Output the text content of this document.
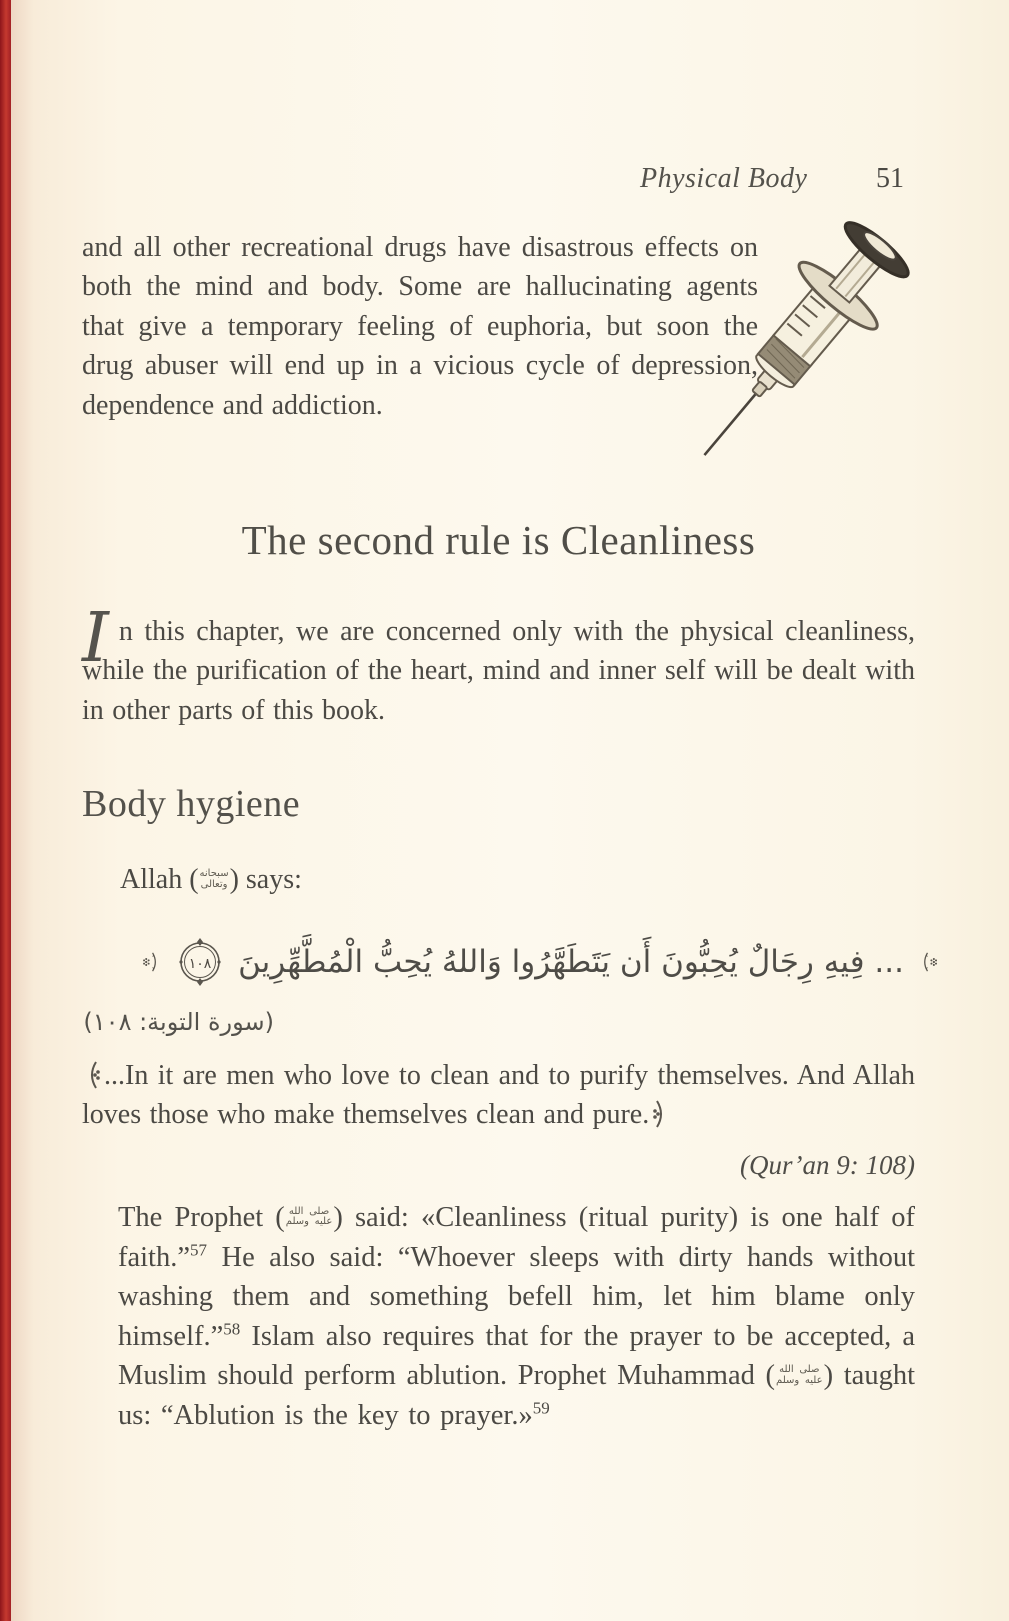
Physical Body 51

and all other recreational drugs have disastrous effects on both the mind and body. Some are hallucinating agents that give a temporary feeling of euphoria, but soon the drug abuser will end up in a vicious cycle of depression, dependence and addiction.

The second rule is Cleanliness

In this chapter, we are concerned only with the physical cleanliness, while the purification of the heart, mind and inner self will be dealt with in other parts of this book.

Body hygiene

Allah ( سبحانه
وتعالى ) says:

... فِيهِ رِجَالٌ يُحِبُّونَ أَن يَتَطَهَّرُوا وَاللهُ يُحِبُّ الْمُطَّهِّرِينَ
١٠٨
(سورة التوبة: ١٠٨)

...In it are men who love to clean and to purify themselves. And Allah loves those who make themselves clean and pure.

(Qur’an 9: 108)

The Prophet ( صلى الله
عليه وسلم ) said: «Cleanliness (ritual purity) is one half of faith.”$^{57}$ He also said: “Whoever sleeps with dirty hands without washing them and something befell him, let him blame only himself.”$^{58}$ Islam also requires that for the prayer to be accepted, a Muslim should perform ablution. Prophet Muhammad ( صلى الله
عليه وسلم ) taught us: “Ablution is the key to prayer.»$^{59}$
